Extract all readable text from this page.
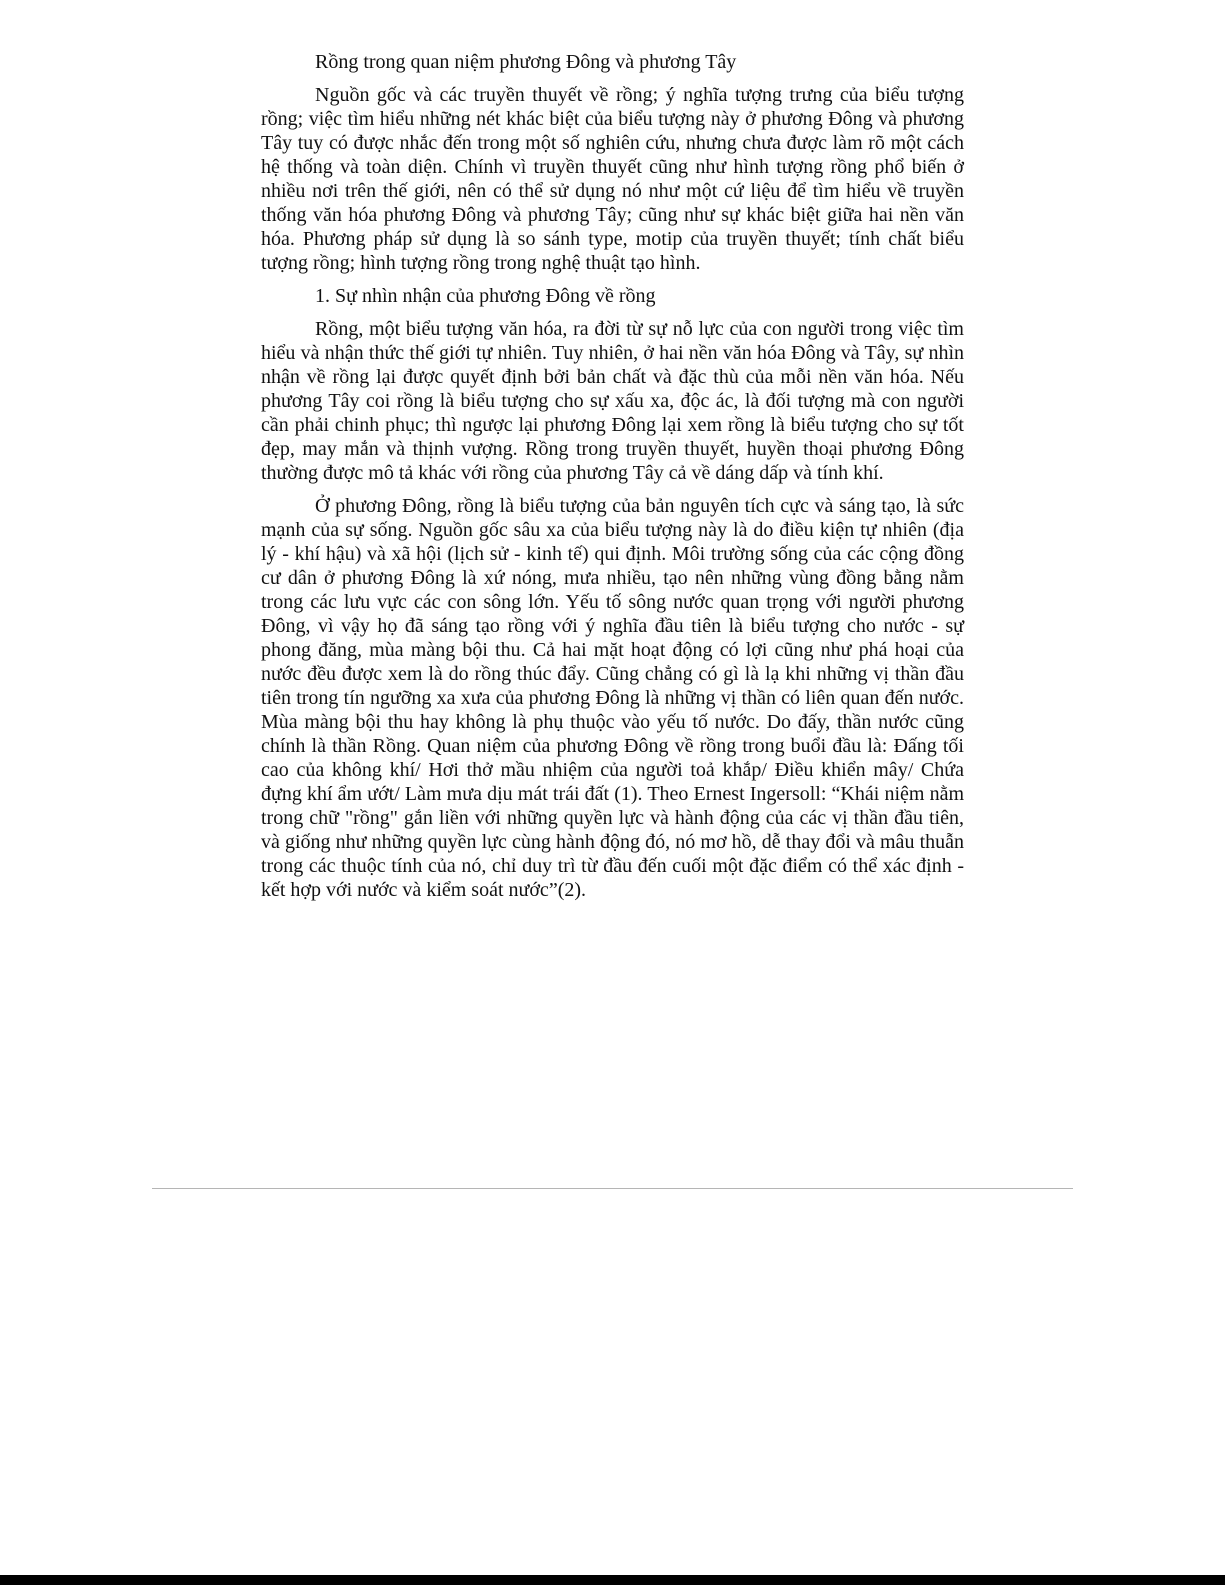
Rồng trong quan niệm phương Đông và phương Tây

Nguồn gốc và các truyền thuyết về rồng; ý nghĩa tượng trưng của biểu tượng rồng; việc tìm hiểu những nét khác biệt của biểu tượng này ở phương Đông và phương Tây tuy có được nhắc đến trong một số nghiên cứu, nhưng chưa được làm rõ một cách hệ thống và toàn diện. Chính vì truyền thuyết cũng như hình tượng rồng phổ biến ở nhiều nơi trên thế giới, nên có thể sử dụng nó như một cứ liệu để tìm hiểu về truyền thống văn hóa phương Đông và phương Tây; cũng như sự khác biệt giữa hai nền văn hóa. Phương pháp sử dụng là so sánh type, motip của truyền thuyết; tính chất biểu tượng rồng; hình tượng rồng trong nghệ thuật tạo hình.

1. Sự nhìn nhận của phương Đông về rồng

Rồng, một biểu tượng văn hóa, ra đời từ sự nỗ lực của con người trong việc tìm hiểu và nhận thức thế giới tự nhiên. Tuy nhiên, ở hai nền văn hóa Đông và Tây, sự nhìn nhận về rồng lại được quyết định bởi bản chất và đặc thù của mỗi nền văn hóa. Nếu phương Tây coi rồng là biểu tượng cho sự xấu xa, độc ác, là đối tượng mà con người cần phải chinh phục; thì ngược lại phương Đông lại xem rồng là biểu tượng cho sự tốt đẹp, may mắn và thịnh vượng. Rồng trong truyền thuyết, huyền thoại phương Đông thường được mô tả khác với rồng của phương Tây cả về dáng dấp và tính khí.

Ở phương Đông, rồng là biểu tượng của bản nguyên tích cực và sáng tạo, là sức mạnh của sự sống. Nguồn gốc sâu xa của biểu tượng này là do điều kiện tự nhiên (địa lý - khí hậu) và xã hội (lịch sử - kinh tế) qui định. Môi trường sống của các cộng đồng cư dân ở phương Đông là xứ nóng, mưa nhiều, tạo nên những vùng đồng bằng nằm trong các lưu vực các con sông lớn. Yếu tố sông nước quan trọng với người phương Đông, vì vậy họ đã sáng tạo rồng với ý nghĩa đầu tiên là biểu tượng cho nước - sự phong đăng, mùa màng bội thu. Cả hai mặt hoạt động có lợi cũng như phá hoại của nước đều được xem là do rồng thúc đẩy. Cũng chẳng có gì là lạ khi những vị thần đầu tiên trong tín ngưỡng xa xưa của phương Đông là những vị thần có liên quan đến nước. Mùa màng bội thu hay không là phụ thuộc vào yếu tố nước. Do đấy, thần nước cũng chính là thần Rồng. Quan niệm của phương Đông về rồng trong buổi đầu là: Đấng tối cao của không khí/ Hơi thở mầu nhiệm của người toả khắp/ Điều khiển mây/ Chứa đựng khí ẩm ướt/ Làm mưa dịu mát trái đất (1). Theo Ernest Ingersoll: “Khái niệm nằm trong chữ "rồng" gắn liền với những quyền lực và hành động của các vị thần đầu tiên, và giống như những quyền lực cùng hành động đó, nó mơ hồ, dễ thay đổi và mâu thuẫn trong các thuộc tính của nó, chỉ duy trì từ đầu đến cuối một đặc điểm có thể xác định - kết hợp với nước và kiểm soát nước”(2).
